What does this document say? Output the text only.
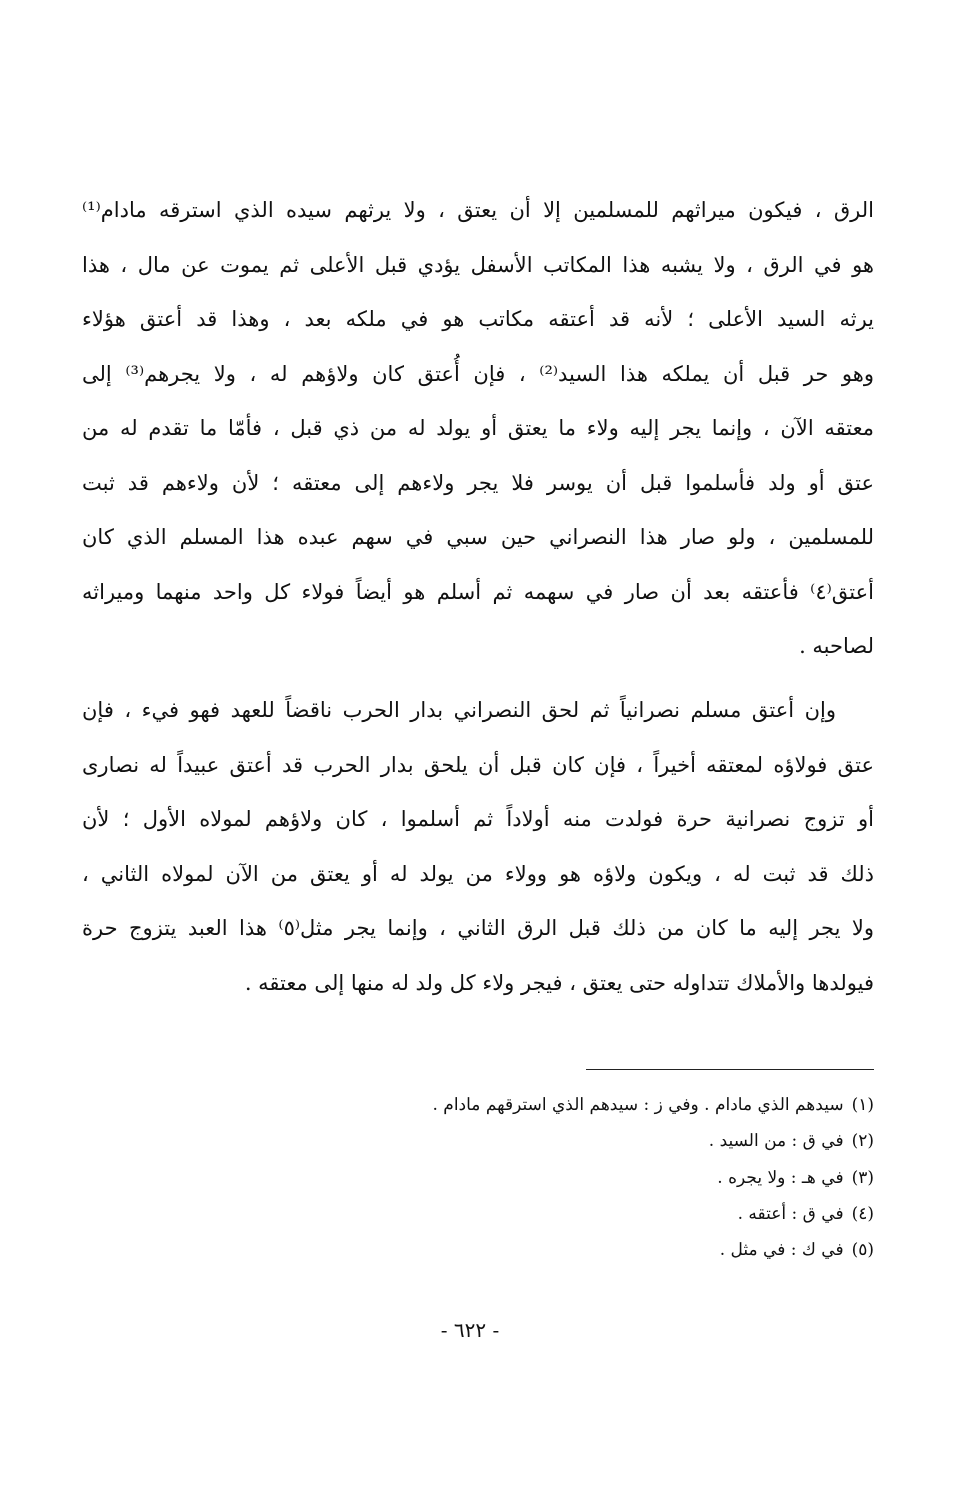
الرق ، فيكون ميراثهم للمسلمين إلا أن يعتق ، ولا يرثهم سيده الذي استرقه مادام⁽¹⁾
هو في الرق ، ولا يشبه هذا المكاتب الأسفل يؤدي قبل الأعلى ثم يموت عن مال ، هذا
يرثه السيد الأعلى ؛ لأنه قد أعتقه مكاتب هو في ملكه بعد ، وهذا قد أعتق هؤلاء
وهو حر قبل أن يملكه هذا السيد⁽²⁾ ، فإن أُعتق كان ولاؤهم له ، ولا يجرهم⁽³⁾ إلى
معتقه الآن ، وإنما يجر إليه ولاء ما يعتق أو يولد له من ذي قبل ، فأمّا ما تقدم له من
عتق أو ولد فأسلموا قبل أن يوسر فلا يجر ولاءهم إلى معتقه ؛ لأن ولاءهم قد ثبت
للمسلمين ، ولو صار هذا النصراني حين سبي في سهم عبده هذا المسلم الذي كان
أعتق⁽٤⁾ فأعتقه بعد أن صار في سهمه ثم أسلم هو أيضاً فولاء كل واحد منهما وميراثه
لصاحبه .
وإن أعتق مسلم نصرانياً ثم لحق النصراني بدار الحرب ناقضاً للعهد فهو فيء ، فإن
عتق فولاؤه لمعتقه أخيراً ، فإن كان قبل أن يلحق بدار الحرب قد أعتق عبيداً له نصارى
أو تزوج نصرانية حرة فولدت منه أولاداً ثم أسلموا ، كان ولاؤهم لمولاه الأول ؛ لأن
ذلك قد ثبت له ، ويكون ولاؤه هو وولاء من يولد له أو يعتق من الآن لمولاه الثاني ،
ولا يجر إليه ما كان من ذلك قبل الرق الثاني ، وإنما يجر مثل⁽٥⁾ هذا العبد يتزوج حرة
فيولدها والأملاك تتداوله حتى يعتق ، فيجر ولاء كل ولد له منها إلى معتقه .
(١)سيدهم الذي مادام . وفي ز : سيدهم الذي استرقهم مادام .
(٢)في ق : من السيد .
(٣)في هـ : ولا يجره .
(٤)في ق : أعتقه .
(٥)في ك : في مثل .
- ٦٢٢ -
